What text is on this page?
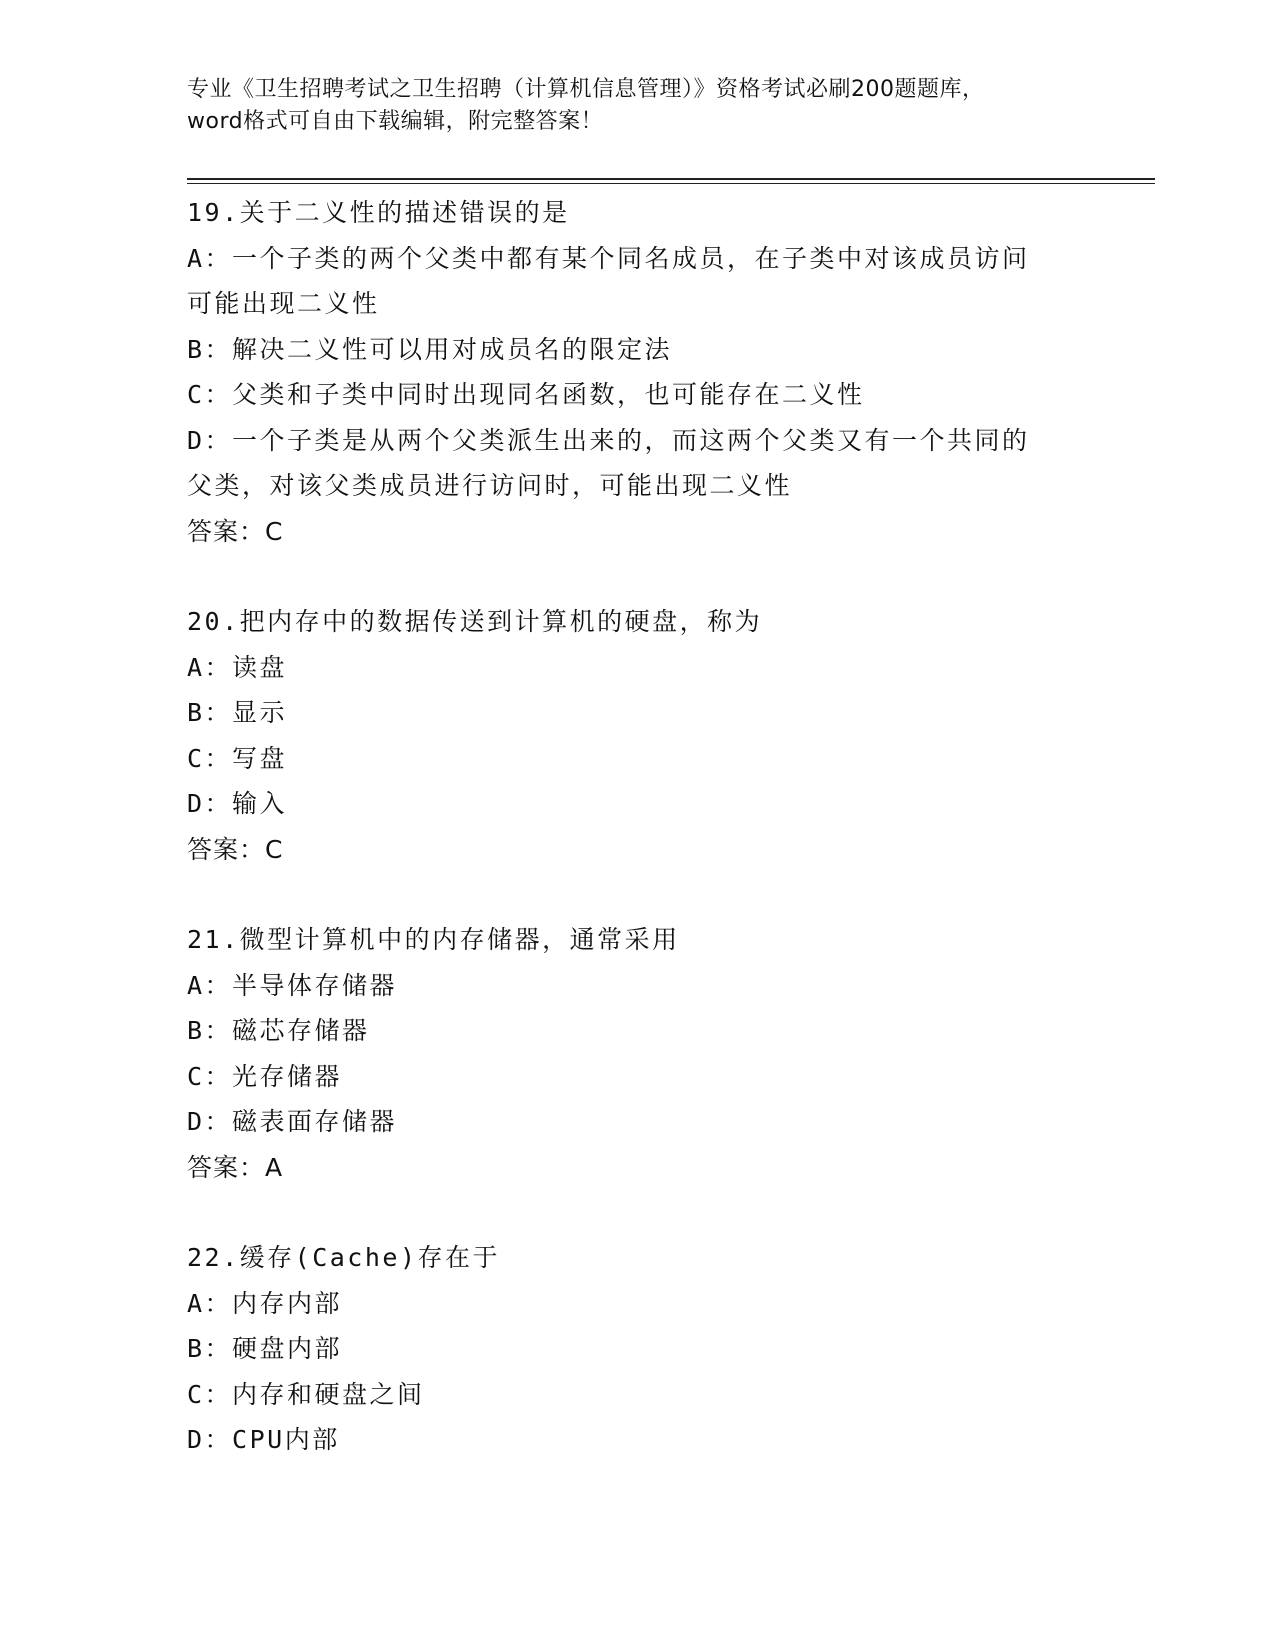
专业《卫生招聘考试之卫生招聘（计算机信息管理）》资格考试必刷200题题库，
word格式可自由下载编辑，附完整答案！
19.关于二义性的描述错误的是
A：一个子类的两个父类中都有某个同名成员，在子类中对该成员访问
可能出现二义性
B：解决二义性可以用对成员名的限定法
C：父类和子类中同时出现同名函数，也可能存在二义性
D：一个子类是从两个父类派生出来的，而这两个父类又有一个共同的
父类，对该父类成员进行访问时，可能出现二义性
答案：C
20.把内存中的数据传送到计算机的硬盘，称为
A：读盘
B：显示
C：写盘
D：输入
答案：C
21.微型计算机中的内存储器，通常采用
A：半导体存储器
B：磁芯存储器
C：光存储器
D：磁表面存储器
答案：A
22.缓存(Cache)存在于
A：内存内部
B：硬盘内部
C：内存和硬盘之间
D：CPU内部
